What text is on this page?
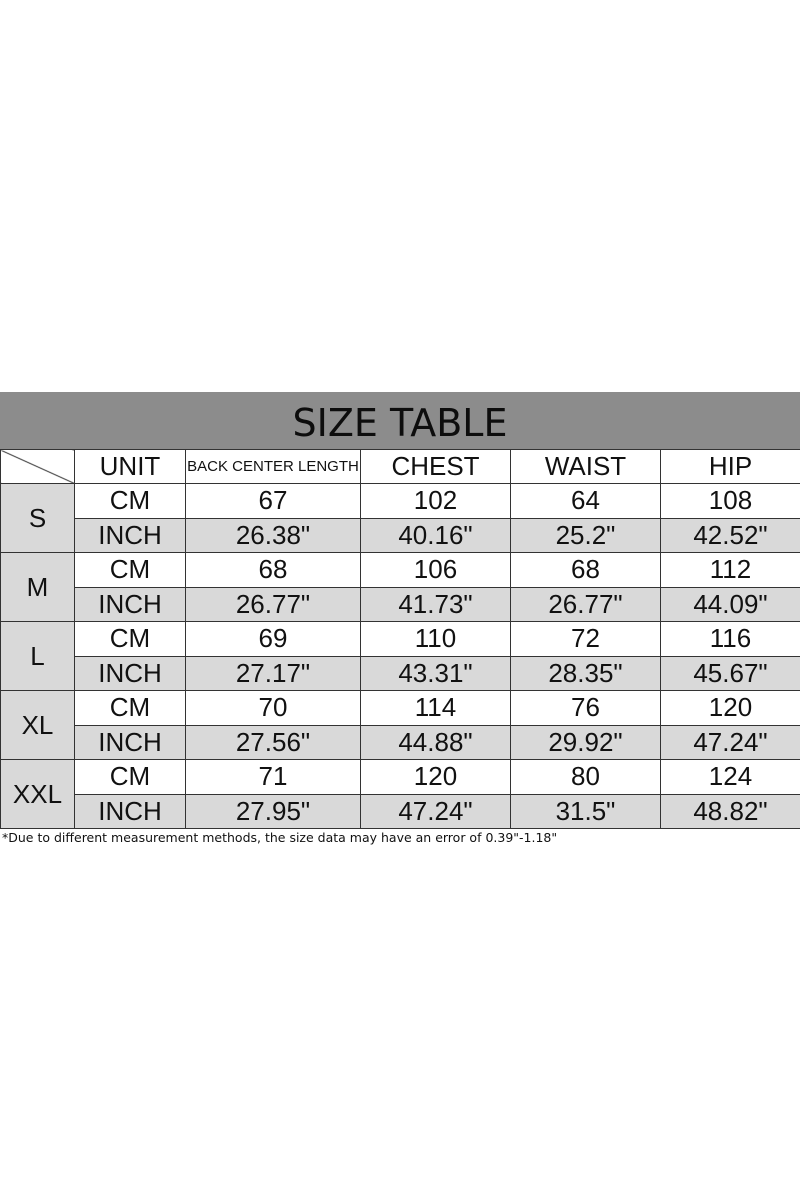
SIZE TABLE
	UNIT	BACK CENTER LENGTH	CHEST	WAIST	HIP
S	CM	67	102	64	108
	INCH	26.38"	40.16"	25.2"	42.52"
M	CM	68	106	68	112
	INCH	26.77"	41.73"	26.77"	44.09"
L	CM	69	110	72	116
	INCH	27.17"	43.31"	28.35"	45.67"
XL	CM	70	114	76	120
	INCH	27.56"	44.88"	29.92"	47.24"
XXL	CM	71	120	80	124
	INCH	27.95"	47.24"	31.5"	48.82"
*Due to different measurement methods, the size data may have an error of 0.39"-1.18"
